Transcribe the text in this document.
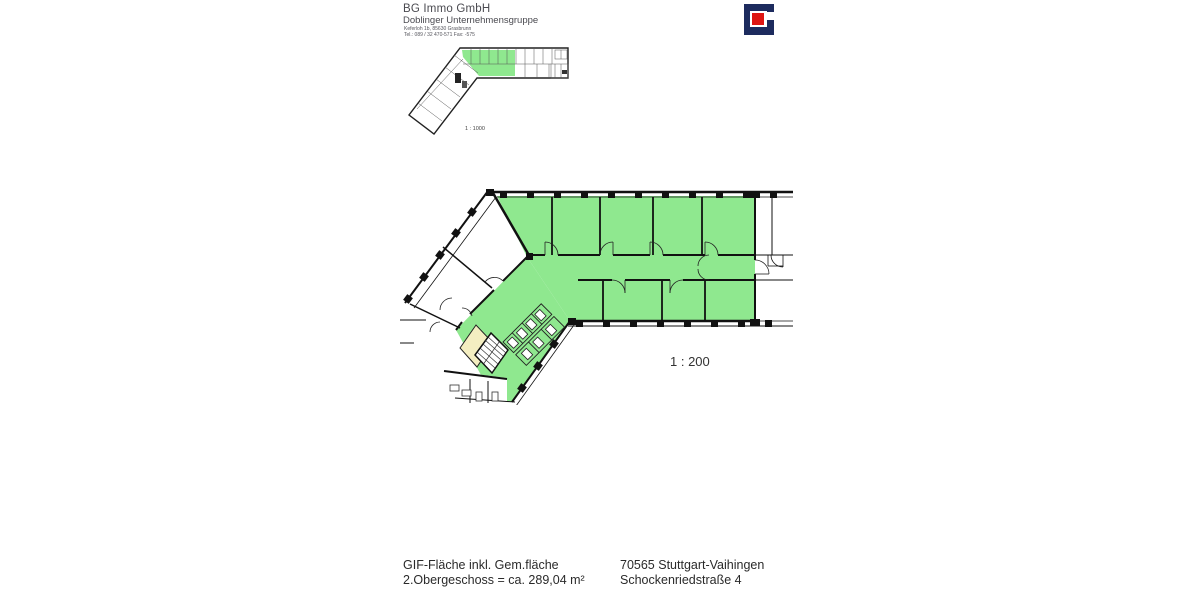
BG Immo GmbH
Doblinger Unternehmensgruppe
Keferloh 1b, 85630 Grasbrunn
Tel.: 089 / 32 470-571 Fax: -575
1 : 1000
1 : 200
GIF-Fläche inkl. Gem.fläche
2.Obergeschoss = ca. 289,04 m²
70565 Stuttgart-Vaihingen
Schockenriedstraße 4
